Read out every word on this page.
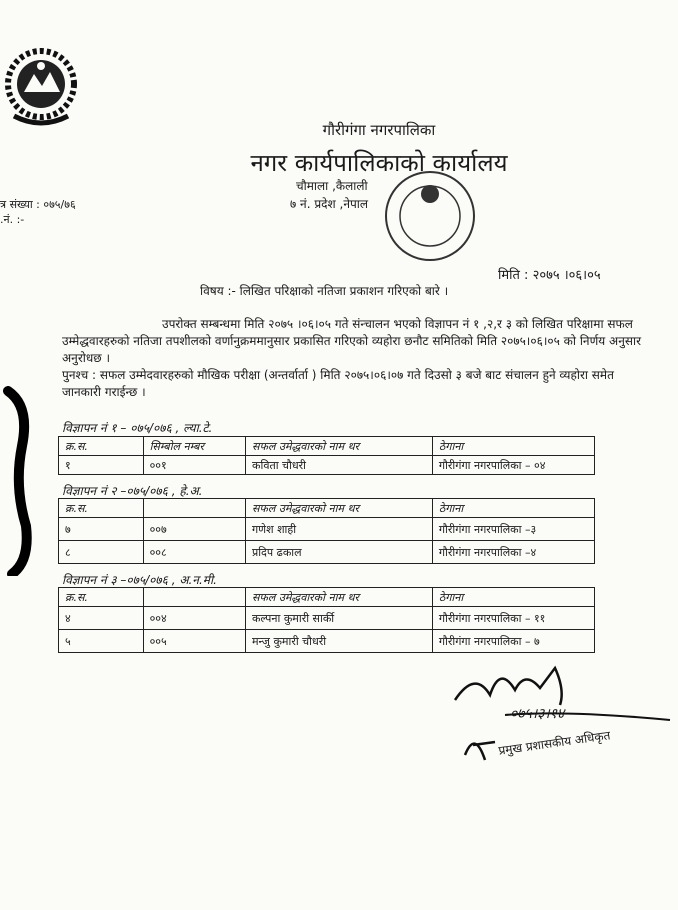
गौरीगंगा नगरपालिका
नगर कार्यपालिकाको कार्यालय
चौमाला ,कैलाली
७ नं. प्रदेश ,नेपाल
त्र संख्या : ०७५/७६
.नं. :-
मिति : २०७५ ।०६।०५
विषय :- लिखित परिक्षाको नतिजा प्रकाशन गरिएको बारे ।
उपरोक्त सम्बन्धमा मिति २०७५ ।०६।०५ गते संन्चालन भएको विज्ञापन नं १ ,२,र ३ को लिखित परिक्षामा सफल उम्मेद्धवारहरुको नतिजा तपशीलको वर्णानुक्रममानुसार प्रकासित गरिएको व्यहोरा छनौट समितिको मिति २०७५।०६।०५ को निर्णय अनुसार अनुरोधछ ।
पुनश्च : सफल उम्मेदवारहरुको मौखिक परीक्षा (अन्तर्वार्ता ) मिति २०७५।०६।०७ गते दिउसो ३ बजे बाट संचालन हुने व्यहोरा समेत जानकारी गराईन्छ ।
विज्ञापन नं १ – ०७५/०७६ , ल्या.टे.
क्र.स.	सिम्बोल नम्बर	सफल उमेद्धवारको नाम थर	ठेगाना
१	००१	कविता चौधरी	गौरीगंगा नगरपालिका – ०४
विज्ञापन नं २ –०७५/०७६ , हे.अ.
क्र.स.		सफल उमेद्धवारको नाम थर	ठेगाना
७	००७	गणेश शाही	गौरीगंगा नगरपालिका –३
८	००८	प्रदिप ढकाल	गौरीगंगा नगरपालिका –४
विज्ञापन नं ३ –०७५/०७६ , अ.न.मी.
क्र.स.		सफल उमेद्धवारको नाम थर	ठेगाना
४	००४	कल्पना कुमारी सार्की	गौरीगंगा नगरपालिका – ११
५	००५	मन्जु कुमारी चौधरी	गौरीगंगा नगरपालिका – ७
०७५।३।१४
प्रमुख प्रशासकीय अधिकृत
